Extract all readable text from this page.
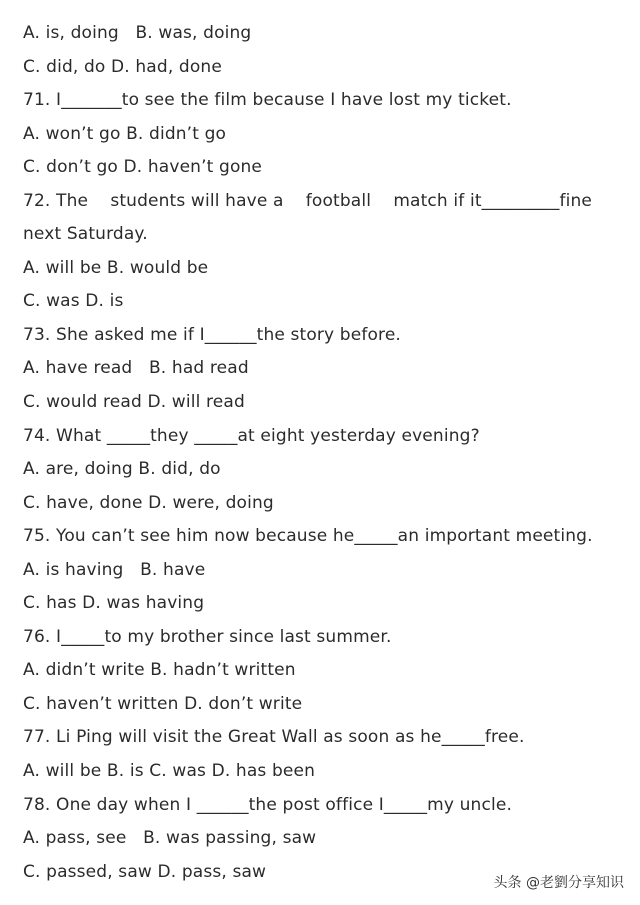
A. is, doing   B. was, doing
C. did, do D. had, done
71. I_______to see the film because I have lost my ticket.
A. won’t go B. didn’t go
C. don’t go D. haven’t gone
72. The    students will have a    football    match if it_________fine
next Saturday.
A. will be B. would be
C. was D. is
73. She asked me if I______the story before.
A. have read   B. had read
C. would read D. will read
74. What _____they _____at eight yesterday evening?
A. are, doing B. did, do
C. have, done D. were, doing
75. You can’t see him now because he_____an important meeting.
A. is having   B. have
C. has D. was having
76. I_____to my brother since last summer.
A. didn’t write B. hadn’t written
C. haven’t written D. don’t write
77. Li Ping will visit the Great Wall as soon as he_____free.
A. will be B. is C. was D. has been
78. One day when I ______the post office I_____my uncle.
A. pass, see   B. was passing, saw
C. passed, saw D. pass, saw
头条 @老劉分享知识
